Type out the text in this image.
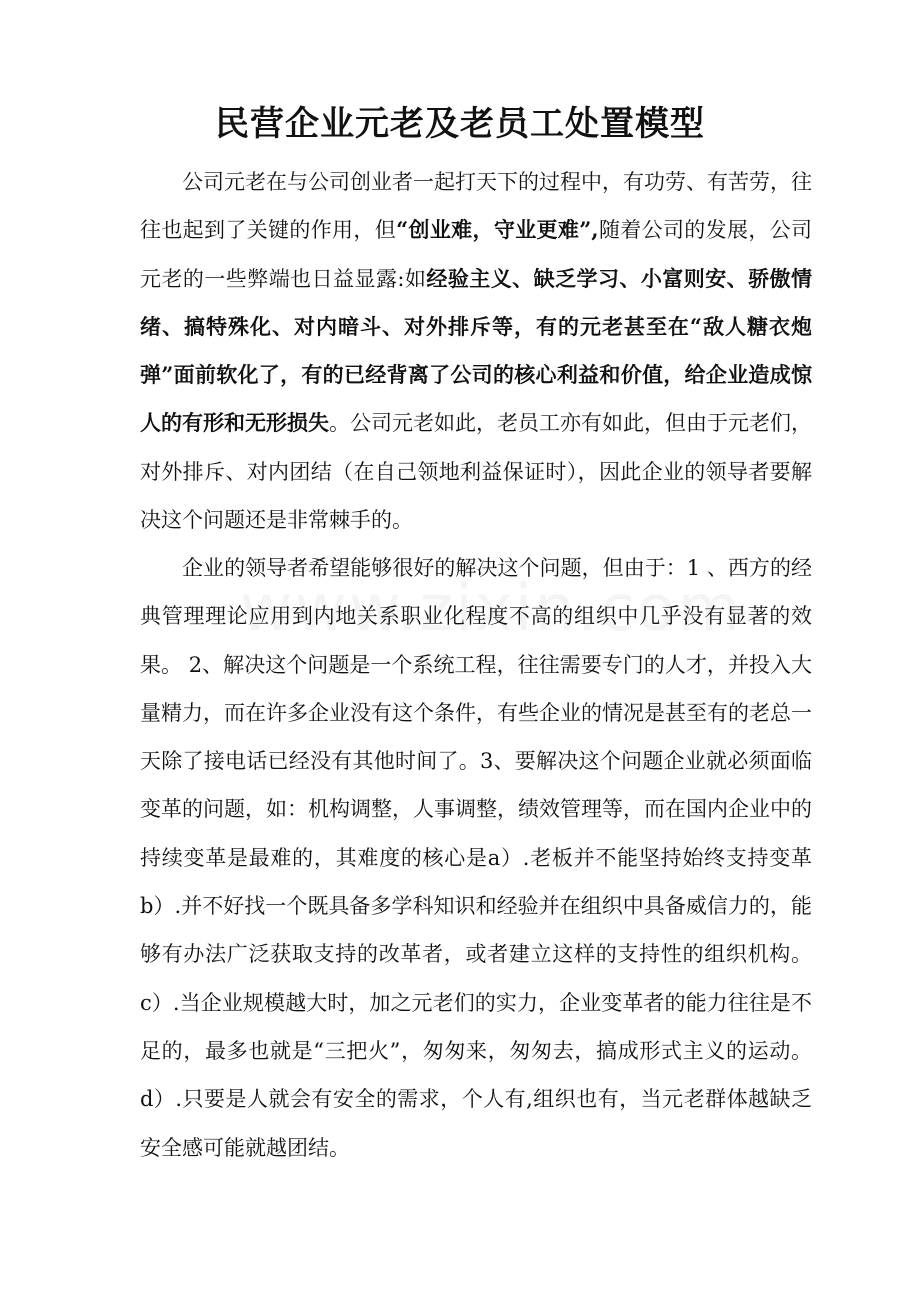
民营企业元老及老员工处置模型

公司元老在与公司创业者一起打天下的过程中，有功劳、有苦劳，往往也起到了关键的作用，但“创业难，守业更难”,随着公司的发展，公司元老的一些弊端也日益显露:如经验主义、缺乏学习、小富则安、骄傲情绪、搞特殊化、对内暗斗、对外排斥等，有的元老甚至在“敌人糖衣炮弹”面前软化了，有的已经背离了公司的核心利益和价值，给企业造成惊人的有形和无形损失。公司元老如此，老员工亦有如此，但由于元老们，对外排斥、对内团结（在自己领地利益保证时），因此企业的领导者要解决这个问题还是非常棘手的。

企业的领导者希望能够很好的解决这个问题，但由于：1 、西方的经典管理理论应用到内地关系职业化程度不高的组织中几乎没有显著的效果。 2、解决这个问题是一个系统工程，往往需要专门的人才，并投入大量精力，而在许多企业没有这个条件，有些企业的情况是甚至有的老总一天除了接电话已经没有其他时间了。3、要解决这个问题企业就必须面临变革的问题，如：机构调整，人事调整，绩效管理等，而在国内企业中的持续变革是最难的，其难度的核心是a）.老板并不能坚持始终支持变革　b）.并不好找一个既具备多学科知识和经验并在组织中具备威信力的，能够有办法广泛获取支持的改革者，或者建立这样的支持性的组织机构。c）.当企业规模越大时，加之元老们的实力，企业变革者的能力往往是不足的，最多也就是“三把火”，匆匆来，匆匆去，搞成形式主义的运动。d）.只要是人就会有安全的需求，个人有,组织也有，当元老群体越缺乏安全感可能就越团结。
